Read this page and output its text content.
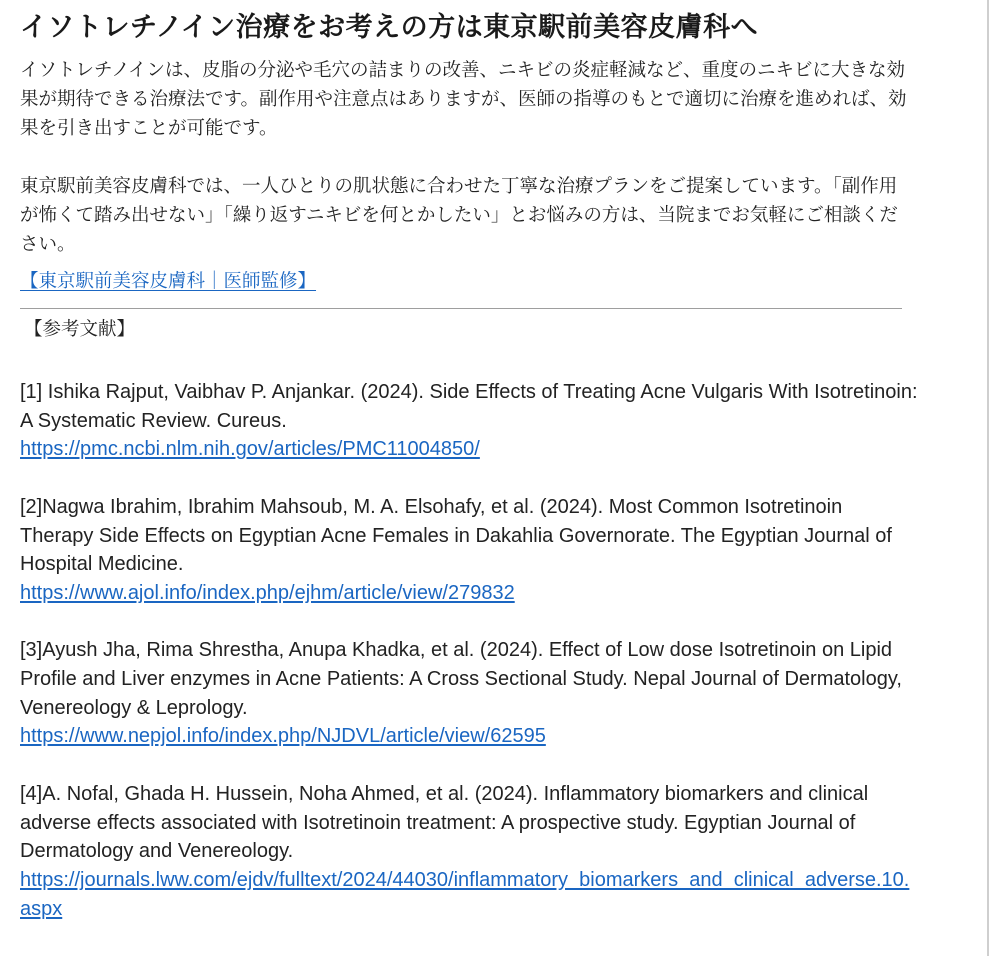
イソトレチノイン治療をお考えの方は東京駅前美容皮膚科へ

イソトレチノインは、皮脂の分泌や毛穴の詰まりの改善、ニキビの炎症軽減など、重度のニキビに大きな効果が期待できる治療法です。副作用や注意点はありますが、医師の指導のもとで適切に治療を進めれば、効果を引き出すことが可能です。

東京駅前美容皮膚科では、一人ひとりの肌状態に合わせた丁寧な治療プランをご提案しています。「副作用が怖くて踏み出せない」「繰り返すニキビを何とかしたい」とお悩みの方は、当院までお気軽にご相談ください。

【東京駅前美容皮膚科｜医師監修】
【参考文献】
[1] Ishika Rajput, Vaibhav P. Anjankar. (2024). Side Effects of Treating Acne Vulgaris With Isotretinoin: A Systematic Review. Cureus.
https://pmc.ncbi.nlm.nih.gov/articles/PMC11004850/
[2]Nagwa Ibrahim, Ibrahim Mahsoub, M. A. Elsohafy, et al. (2024). Most Common Isotretinoin Therapy Side Effects on Egyptian Acne Females in Dakahlia Governorate. The Egyptian Journal of Hospital Medicine.
https://www.ajol.info/index.php/ejhm/article/view/279832
[3]Ayush Jha, Rima Shrestha, Anupa Khadka, et al. (2024). Effect of Low dose Isotretinoin on Lipid Profile and Liver enzymes in Acne Patients: A Cross Sectional Study. Nepal Journal of Dermatology, Venereology & Leprology.
https://www.nepjol.info/index.php/NJDVL/article/view/62595
[4]A. Nofal, Ghada H. Hussein, Noha Ahmed, et al. (2024). Inflammatory biomarkers and clinical adverse effects associated with Isotretinoin treatment: A prospective study. Egyptian Journal of Dermatology and Venereology.
https://journals.lww.com/ejdv/fulltext/2024/44030/inflammatory_biomarkers_and_clinical_adverse.10.aspx
